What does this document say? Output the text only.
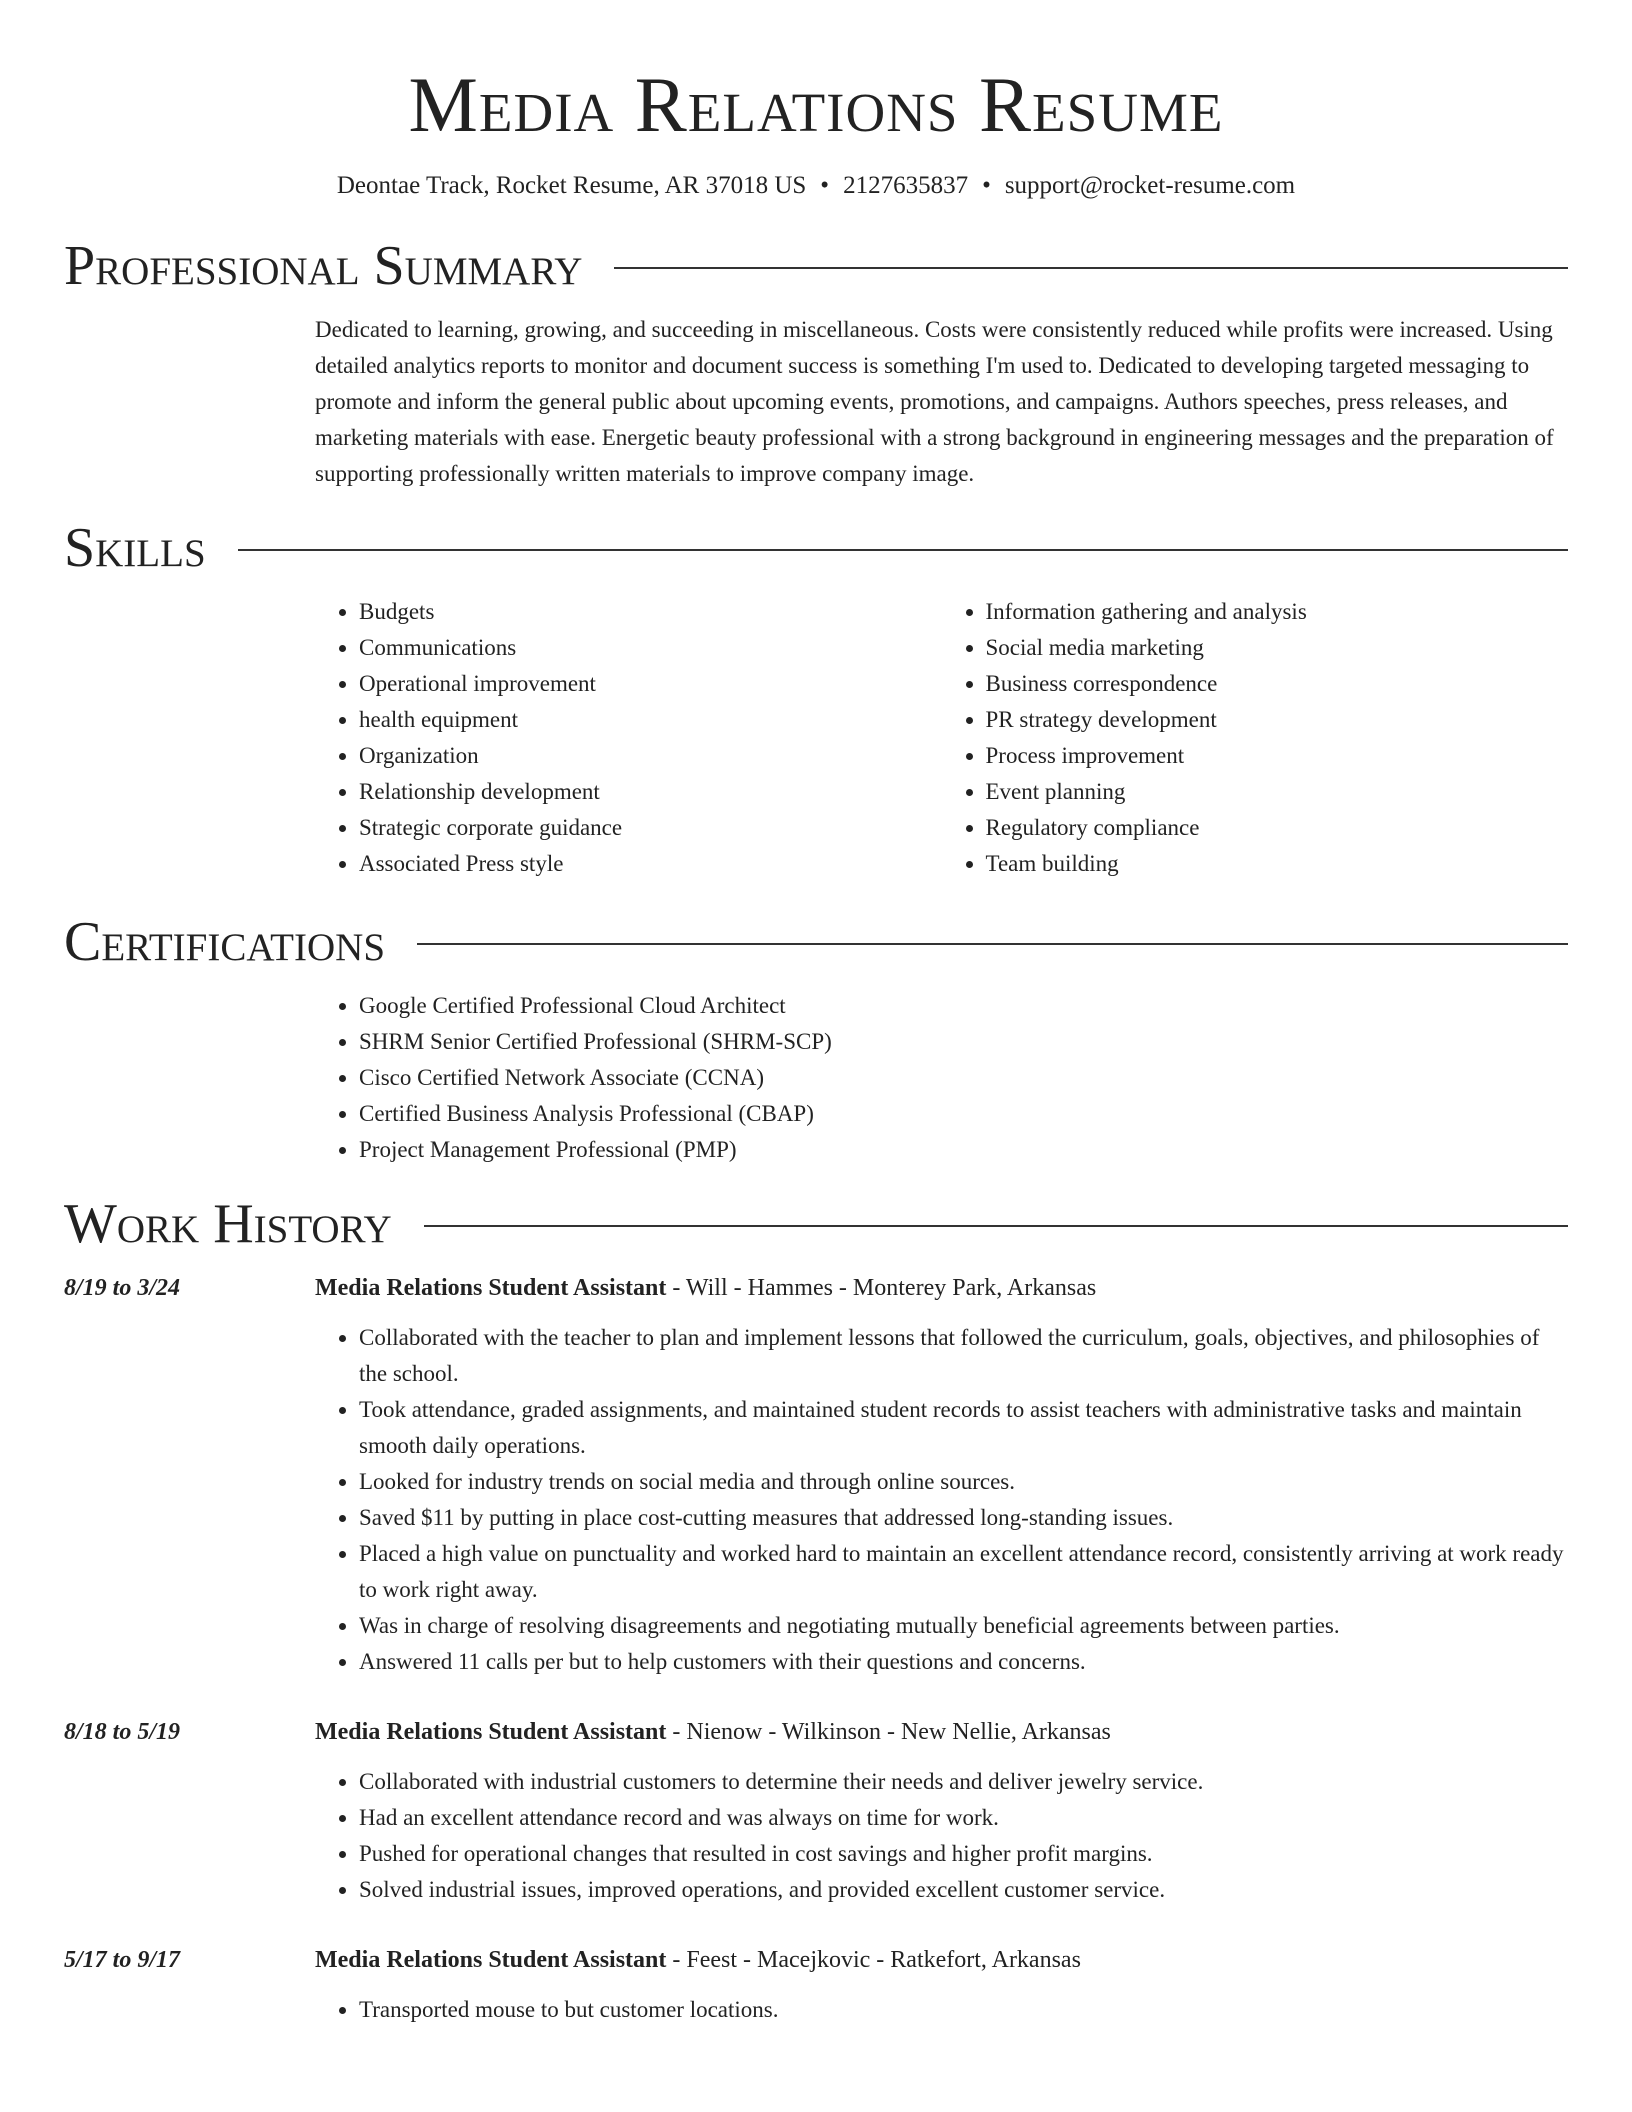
Media Relations Resume
Deontae Track, Rocket Resume, AR 37018 US • 2127635837 • support@rocket-resume.com
Professional Summary
Dedicated to learning, growing, and succeeding in miscellaneous. Costs were consistently reduced while profits were increased. Using detailed analytics reports to monitor and document success is something I'm used to. Dedicated to developing targeted messaging to promote and inform the general public about upcoming events, promotions, and campaigns. Authors speeches, press releases, and marketing materials with ease. Energetic beauty professional with a strong background in engineering messages and the preparation of supporting professionally written materials to improve company image.
Skills
• Budgets
• Communications
• Operational improvement
• health equipment
• Organization
• Relationship development
• Strategic corporate guidance
• Associated Press style
• Information gathering and analysis
• Social media marketing
• Business correspondence
• PR strategy development
• Process improvement
• Event planning
• Regulatory compliance
• Team building
Certifications
• Google Certified Professional Cloud Architect
• SHRM Senior Certified Professional (SHRM-SCP)
• Cisco Certified Network Associate (CCNA)
• Certified Business Analysis Professional (CBAP)
• Project Management Professional (PMP)
Work History
8/19 to 3/24	Media Relations Student Assistant - Will - Hammes - Monterey Park, Arkansas
• Collaborated with the teacher to plan and implement lessons that followed the curriculum, goals, objectives, and philosophies of the school.
• Took attendance, graded assignments, and maintained student records to assist teachers with administrative tasks and maintain smooth daily operations.
• Looked for industry trends on social media and through online sources.
• Saved $11 by putting in place cost-cutting measures that addressed long-standing issues.
• Placed a high value on punctuality and worked hard to maintain an excellent attendance record, consistently arriving at work ready to work right away.
• Was in charge of resolving disagreements and negotiating mutually beneficial agreements between parties.
• Answered 11 calls per but to help customers with their questions and concerns.
8/18 to 5/19	Media Relations Student Assistant - Nienow - Wilkinson - New Nellie, Arkansas
• Collaborated with industrial customers to determine their needs and deliver jewelry service.
• Had an excellent attendance record and was always on time for work.
• Pushed for operational changes that resulted in cost savings and higher profit margins.
• Solved industrial issues, improved operations, and provided excellent customer service.
5/17 to 9/17	Media Relations Student Assistant - Feest - Macejkovic - Ratkefort, Arkansas
• Transported mouse to but customer locations.
